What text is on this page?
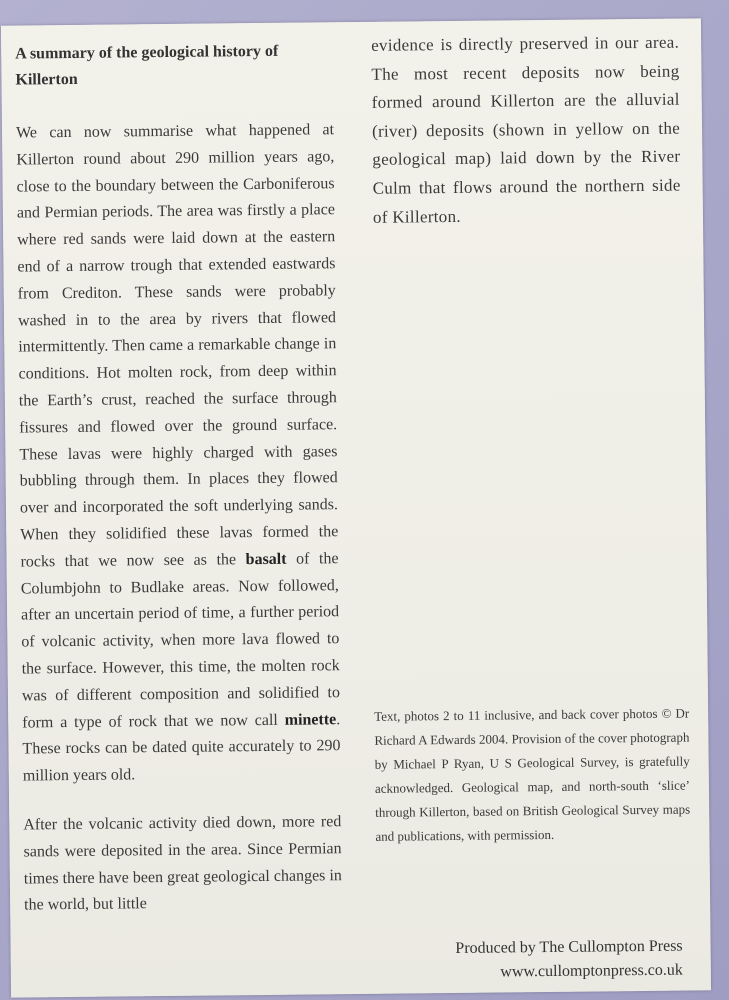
A summary of the geological history of Killerton

We can now summarise what happened at Killerton round about 290 million years ago, close to the boundary between the Carboniferous and Permian periods. The area was firstly a place where red sands were laid down at the eastern end of a narrow trough that extended eastwards from Crediton. These sands were probably washed in to the area by rivers that flowed intermittently. Then came a remarkable change in conditions. Hot molten rock, from deep within the Earth’s crust, reached the surface through fissures and flowed over the ground surface. These lavas were highly charged with gases bubbling through them. In places they flowed over and incorporated the soft underlying sands. When they solidified these lavas formed the rocks that we now see as the basalt of the Columbjohn to Budlake areas. Now followed, after an uncertain period of time, a further period of volcanic activity, when more lava flowed to the surface. However, this time, the molten rock was of different composition and solidified to form a type of rock that we now call minette. These rocks can be dated quite accurately to 290 million years old.

After the volcanic activity died down, more red sands were deposited in the area. Since Permian times there have been great geological changes in the world, but little

evidence is directly preserved in our area. The most recent deposits now being formed around Killerton are the alluvial (river) deposits (shown in yellow on the geological map) laid down by the River Culm that flows around the northern side of Killerton.

Text, photos 2 to 11 inclusive, and back cover photos © Dr Richard A Edwards 2004. Provision of the cover photograph by Michael P Ryan, U S Geological Survey, is gratefully acknowledged. Geological map, and north-south ‘slice’ through Killerton, based on British Geological Survey maps and publications, with permission.
Produced by The Cullompton Press
www.cullomptonpress.co.uk
